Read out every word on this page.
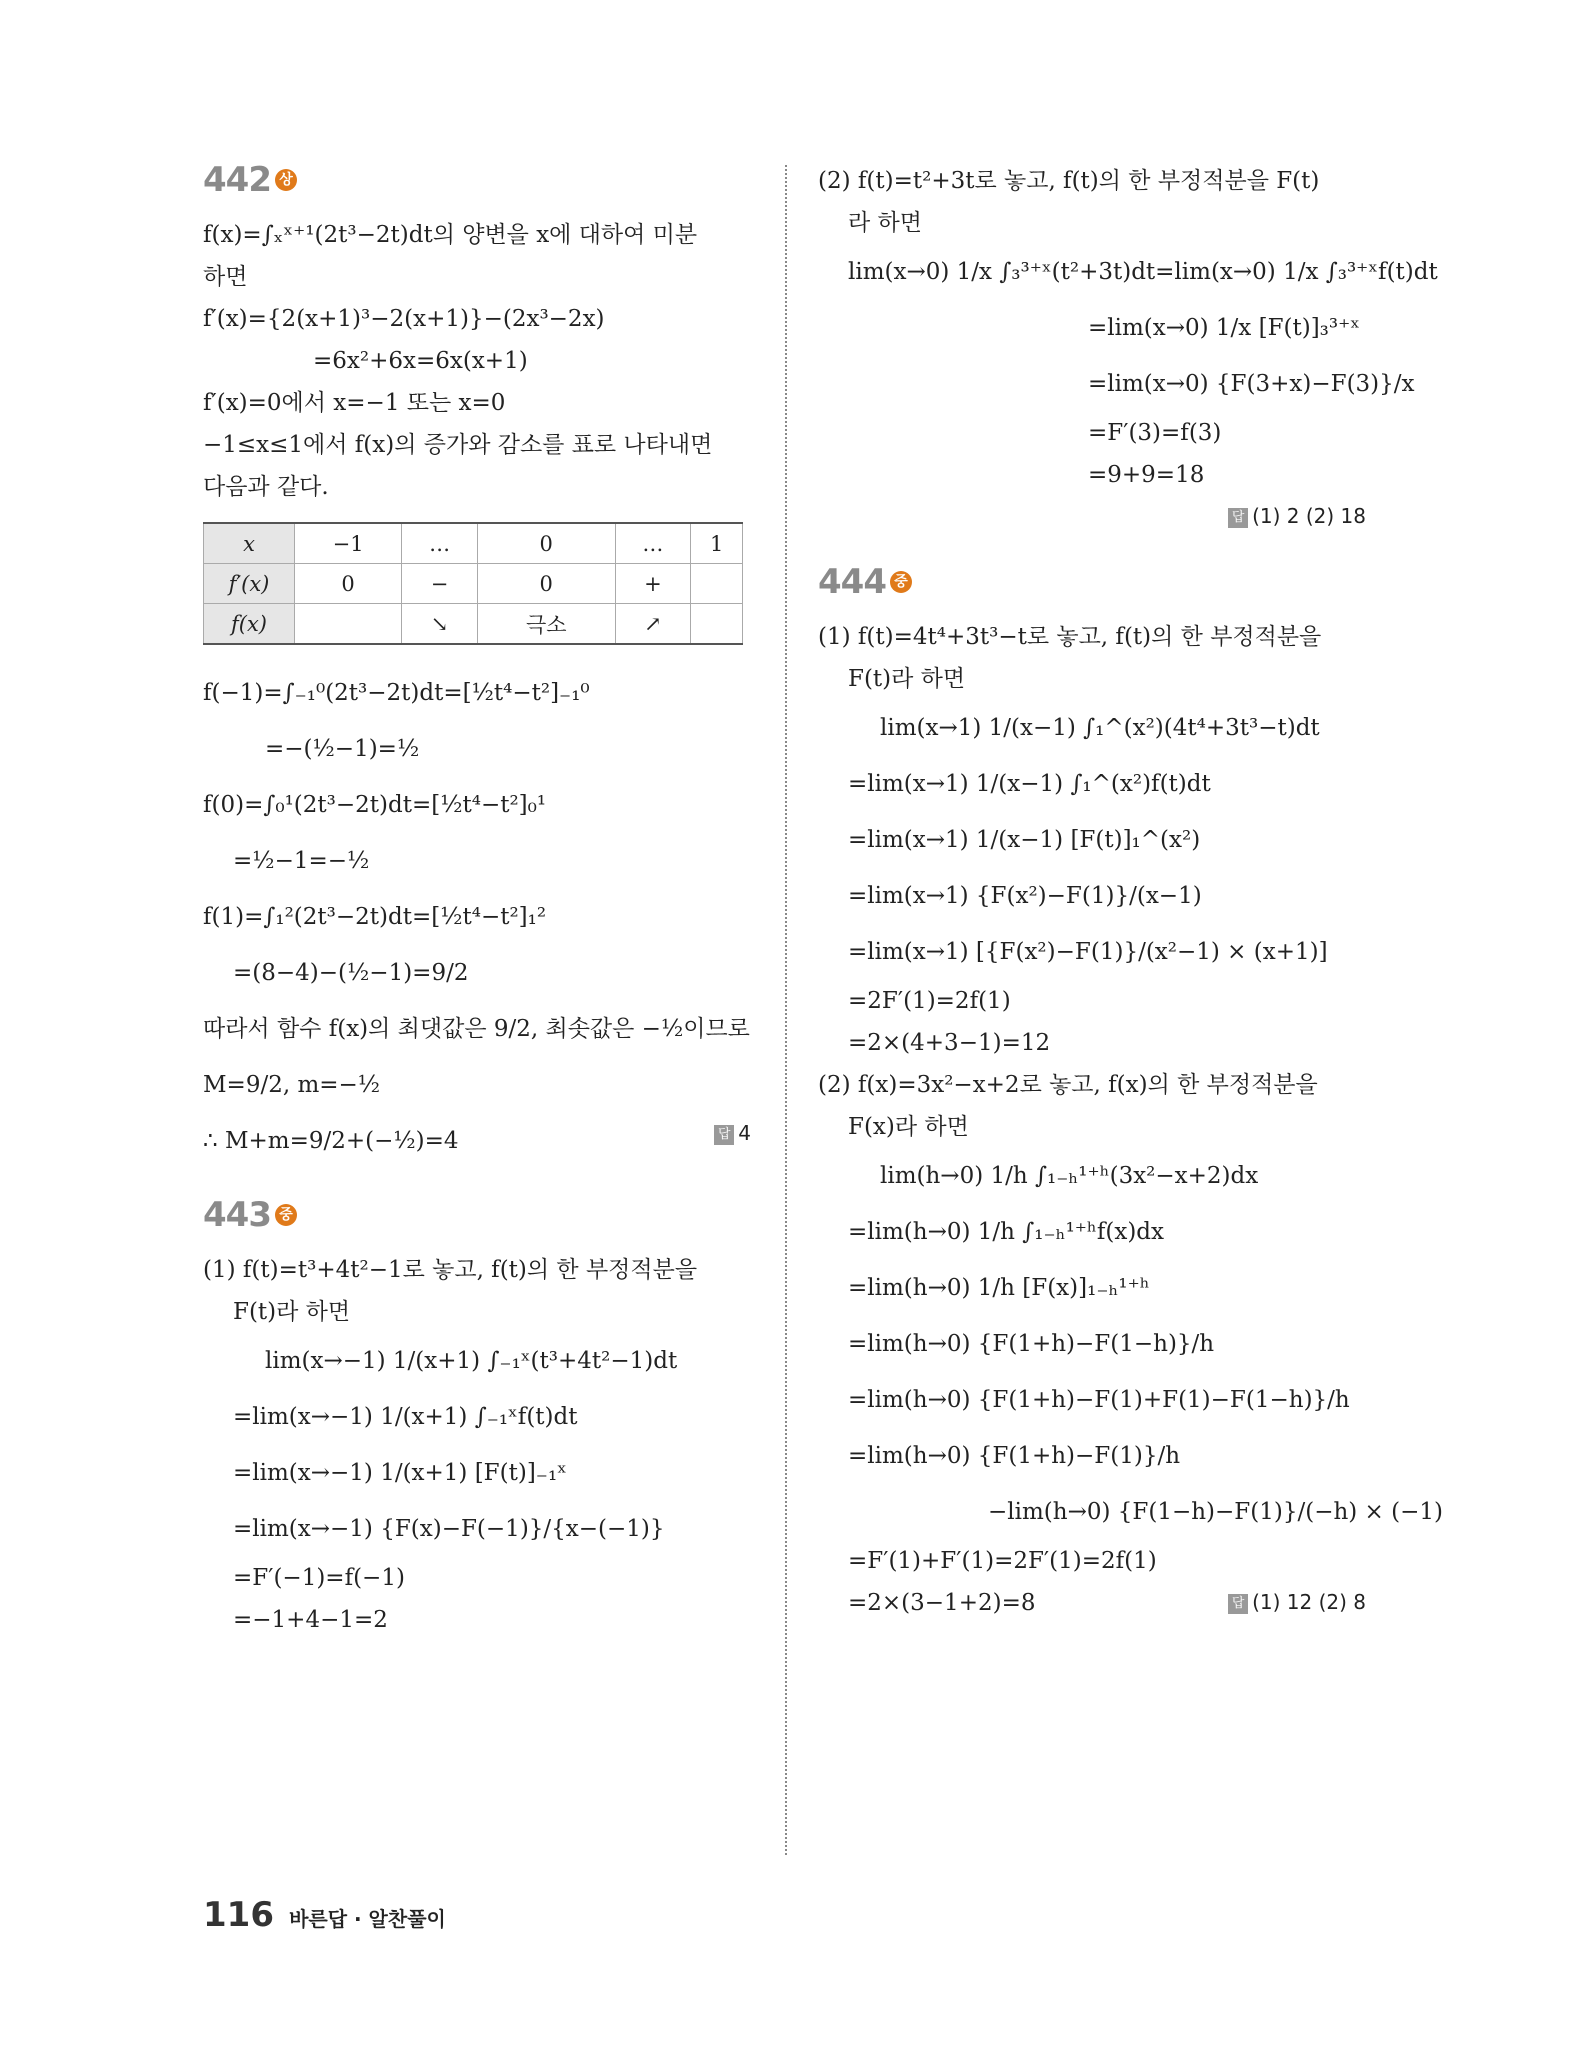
442 상
f(x)=∫ₓˣ⁺¹(2t³−2t)dt의 양변을 x에 대하여 미분
하면
f′(x)={2(x+1)³−2(x+1)}−(2x³−2x)
=6x²+6x=6x(x+1)
f′(x)=0에서 x=−1 또는 x=0
−1≤x≤1에서 f(x)의 증가와 감소를 표로 나타내면
다음과 같다.
x	−1	…	0	…	1
f′(x)	0	−	0	+	
f(x)		↘	극소	↗	
f(−1)=∫₋₁⁰(2t³−2t)dt=[½t⁴−t²]₋₁⁰
=−(½−1)=½
f(0)=∫₀¹(2t³−2t)dt=[½t⁴−t²]₀¹
=½−1=−½
f(1)=∫₁²(2t³−2t)dt=[½t⁴−t²]₁²
=(8−4)−(½−1)=9/2
따라서 함수 f(x)의 최댓값은 9/2, 최솟값은 −½이므로
M=9/2, m=−½
∴ M+m=9/2+(−½)=4	답 4
443 중
(1) f(t)=t³+4t²−1로 놓고, f(t)의 한 부정적분을
F(t)라 하면
lim(x→−1) 1/(x+1) ∫₋₁ˣ(t³+4t²−1)dt
=lim(x→−1) 1/(x+1) ∫₋₁ˣf(t)dt
=lim(x→−1) 1/(x+1) [F(t)]₋₁ˣ
=lim(x→−1) {F(x)−F(−1)}/{x−(−1)}
=F′(−1)=f(−1)
=−1+4−1=2
(2) f(t)=t²+3t로 놓고, f(t)의 한 부정적분을 F(t)
라 하면
lim(x→0) 1/x ∫₃³⁺ˣ(t²+3t)dt=lim(x→0) 1/x ∫₃³⁺ˣf(t)dt
=lim(x→0) 1/x [F(t)]₃³⁺ˣ
=lim(x→0) {F(3+x)−F(3)}/x
=F′(3)=f(3)
=9+9=18
답 (1) 2 (2) 18
444 중
(1) f(t)=4t⁴+3t³−t로 놓고, f(t)의 한 부정적분을
F(t)라 하면
lim(x→1) 1/(x−1) ∫₁^(x²)(4t⁴+3t³−t)dt
=lim(x→1) 1/(x−1) ∫₁^(x²)f(t)dt
=lim(x→1) 1/(x−1) [F(t)]₁^(x²)
=lim(x→1) {F(x²)−F(1)}/(x−1)
=lim(x→1) [{F(x²)−F(1)}/(x²−1) × (x+1)]
=2F′(1)=2f(1)
=2×(4+3−1)=12
(2) f(x)=3x²−x+2로 놓고, f(x)의 한 부정적분을
F(x)라 하면
lim(h→0) 1/h ∫₁₋ₕ¹⁺ʰ(3x²−x+2)dx
=lim(h→0) 1/h ∫₁₋ₕ¹⁺ʰf(x)dx
=lim(h→0) 1/h [F(x)]₁₋ₕ¹⁺ʰ
=lim(h→0) {F(1+h)−F(1−h)}/h
=lim(h→0) {F(1+h)−F(1)+F(1)−F(1−h)}/h
=lim(h→0) {F(1+h)−F(1)}/h
−lim(h→0) {F(1−h)−F(1)}/(−h) × (−1)
=F′(1)+F′(1)=2F′(1)=2f(1)
=2×(3−1+2)=8	답 (1) 12 (2) 8
116 바른답 · 알찬풀이
